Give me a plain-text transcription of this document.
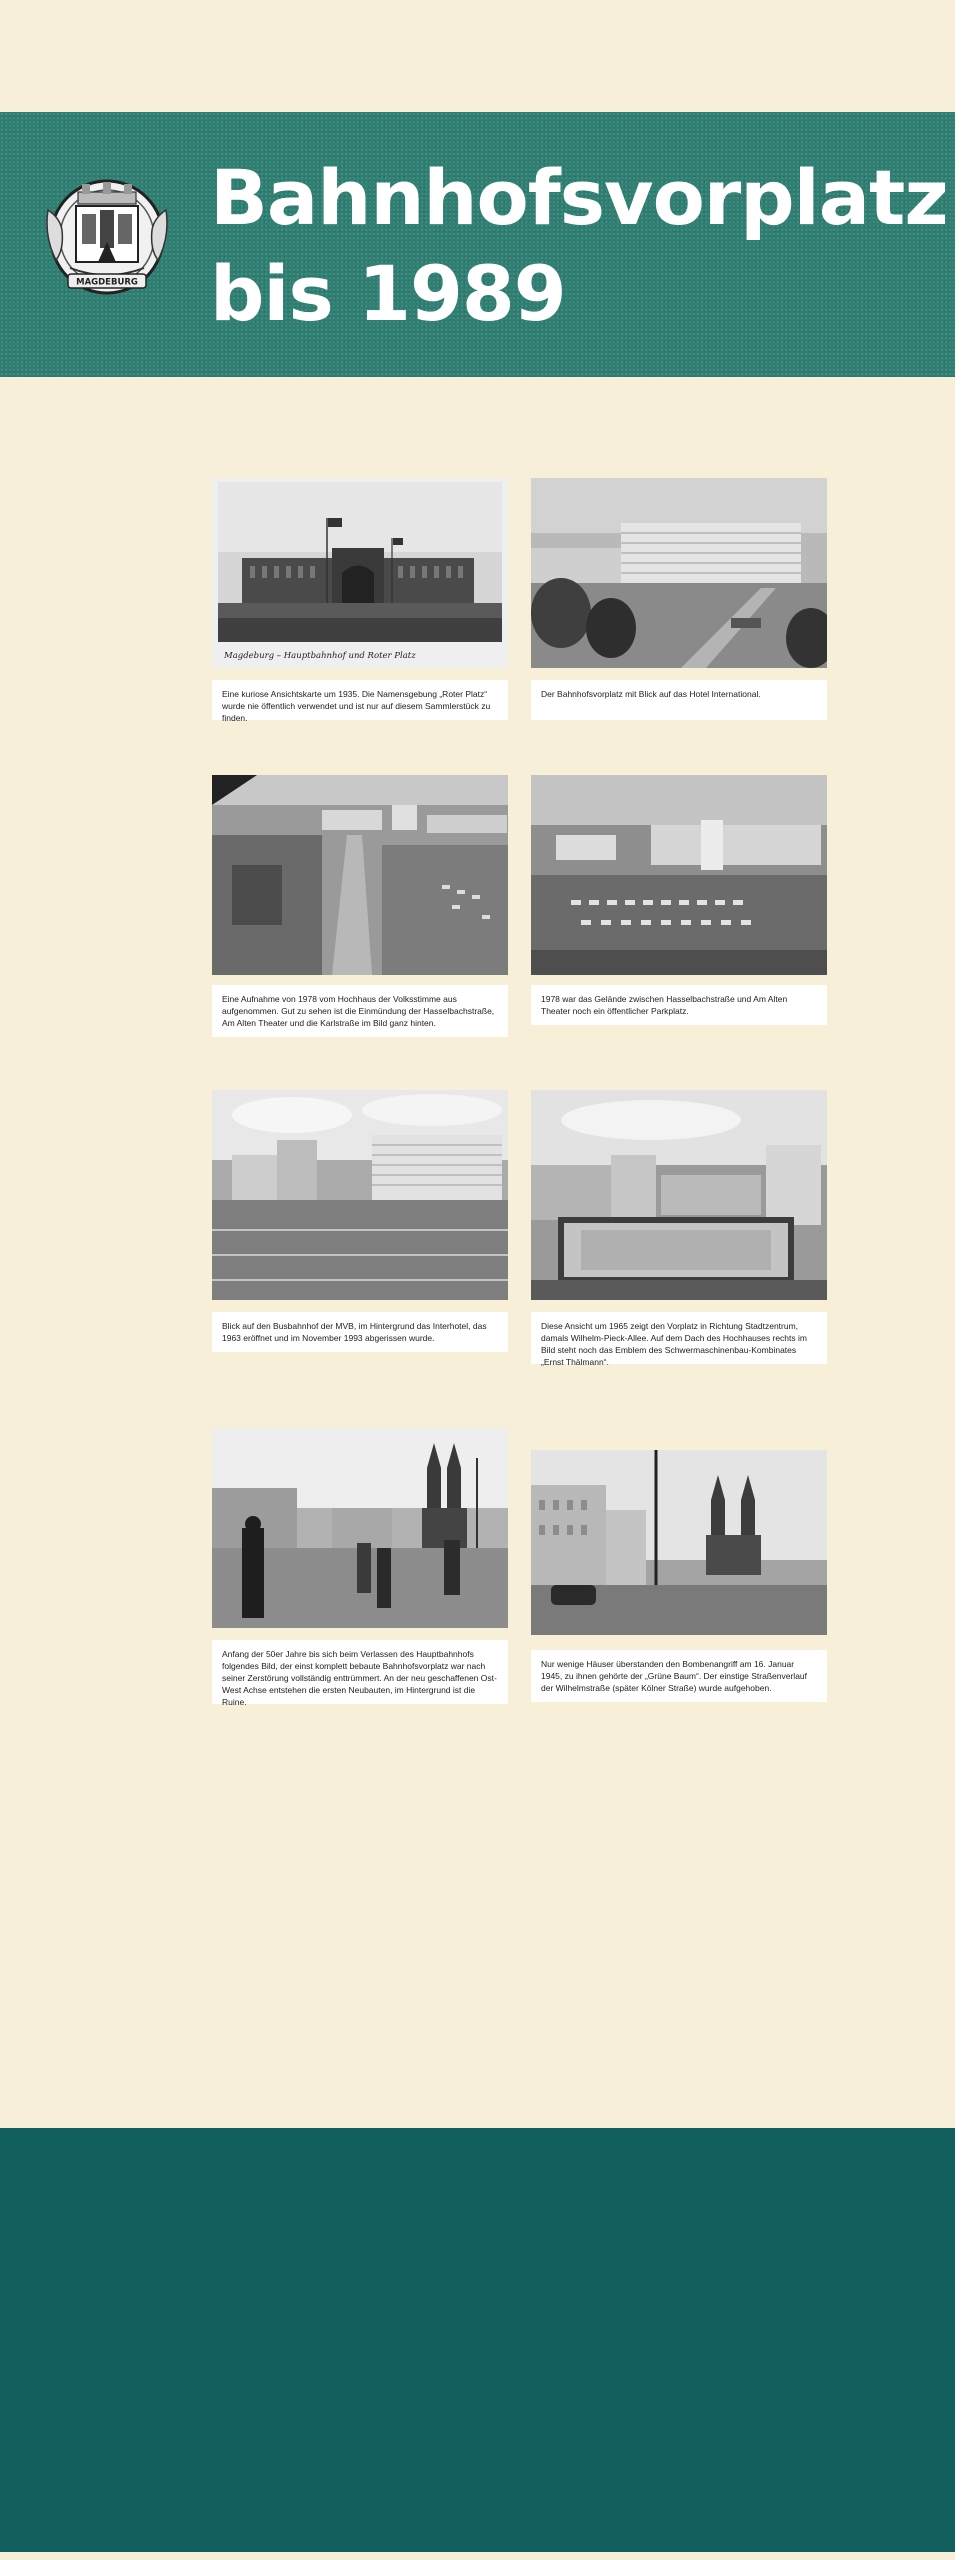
MAGDEBURG
Bahnhofsvorplatz
bis 1989
Magdeburg – Hauptbahnhof und Roter Platz
Eine kuriose Ansichtskarte um 1935. Die Namensgebung „Roter Platz“ wurde nie öffentlich verwendet und ist nur auf diesem Sammlerstück zu finden.
Der Bahnhofsvorplatz mit Blick auf das Hotel International.
Eine Aufnahme von 1978 vom Hochhaus der Volksstimme aus aufgenommen. Gut zu sehen ist die Einmündung der Hasselbachstraße, Am Alten Theater und die Karlstraße im Bild ganz hinten.
1978 war das Gelände zwischen Hasselbachstraße und Am Alten Theater noch ein öffentlicher Parkplatz.
Blick auf den Busbahnhof der MVB, im Hintergrund das Interhotel, das 1963 eröffnet und im November 1993 abgerissen wurde.
Diese Ansicht um 1965 zeigt den Vorplatz in Richtung Stadtzentrum, damals Wilhelm-Pieck-Allee. Auf dem Dach des Hochhauses rechts im Bild steht noch das Emblem des Schwermaschinenbau-Kombinates „Ernst Thälmann“.
Anfang der 50er Jahre bis sich beim Verlassen des Hauptbahnhofs folgendes Bild, der einst komplett bebaute Bahnhofsvorplatz war nach seiner Zerstörung vollständig enttrümmert. An der neu geschaffenen Ost-West Achse entstehen die ersten Neubauten, im Hintergrund ist die Ruine.
Nur wenige Häuser überstanden den Bombenangriff am 16. Januar 1945, zu ihnen gehörte der „Grüne Baum“. Der einstige Straßenverlauf der Wilhelmstraße (später Kölner Straße) wurde aufgehoben.
